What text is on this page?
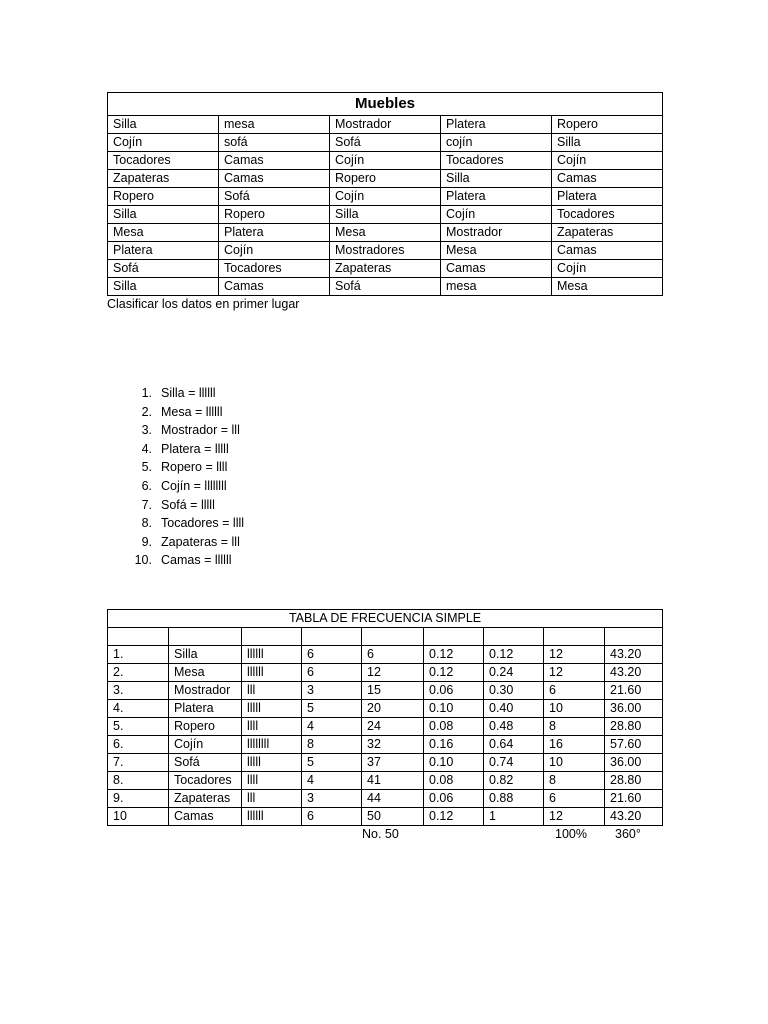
Muebles				
Silla	mesa	Mostrador	Platera	Ropero
Cojín	sofá	Sofá	cojín	Silla
Tocadores	Camas	Cojín	Tocadores	Cojín
Zapateras	Camas	Ropero	Silla	Camas
Ropero	Sofá	Cojín	Platera	Platera
Silla	Ropero	Silla	Cojín	Tocadores
Mesa	Platera	Mesa	Mostrador	Zapateras
Platera	Cojín	Mostradores	Mesa	Camas
Sofá	Tocadores	Zapateras	Camas	Cojín
Silla	Camas	Sofá	mesa	Mesa
Clasificar los datos en primer lugar
1. Silla = llllll
2. Mesa = llllll
3. Mostrador = lll
4. Platera = lllll
5. Ropero = llll
6. Cojín = llllllll
7. Sofá = lllll
8. Tocadores = llll
9. Zapateras = lll
10. Camas = llllll
TABLA DE FRECUENCIA SIMPLE								

1.	Silla	llllll	6	6	0.12	0.12	12	43.20
2.	Mesa	llllll	6	12	0.12	0.24	12	43.20
3.	Mostrador	lll	3	15	0.06	0.30	6	21.60
4.	Platera	lllll	5	20	0.10	0.40	10	36.00
5.	Ropero	llll	4	24	0.08	0.48	8	28.80
6.	Cojín	llllllll	8	32	0.16	0.64	16	57.60
7.	Sofá	lllll	5	37	0.10	0.74	10	36.00
8.	Tocadores	llll	4	41	0.08	0.82	8	28.80
9.	Zapateras	lll	3	44	0.06	0.88	6	21.60
10	Camas	llllll	6	50	0.12	1	12	43.20
No. 50	100% 360°
